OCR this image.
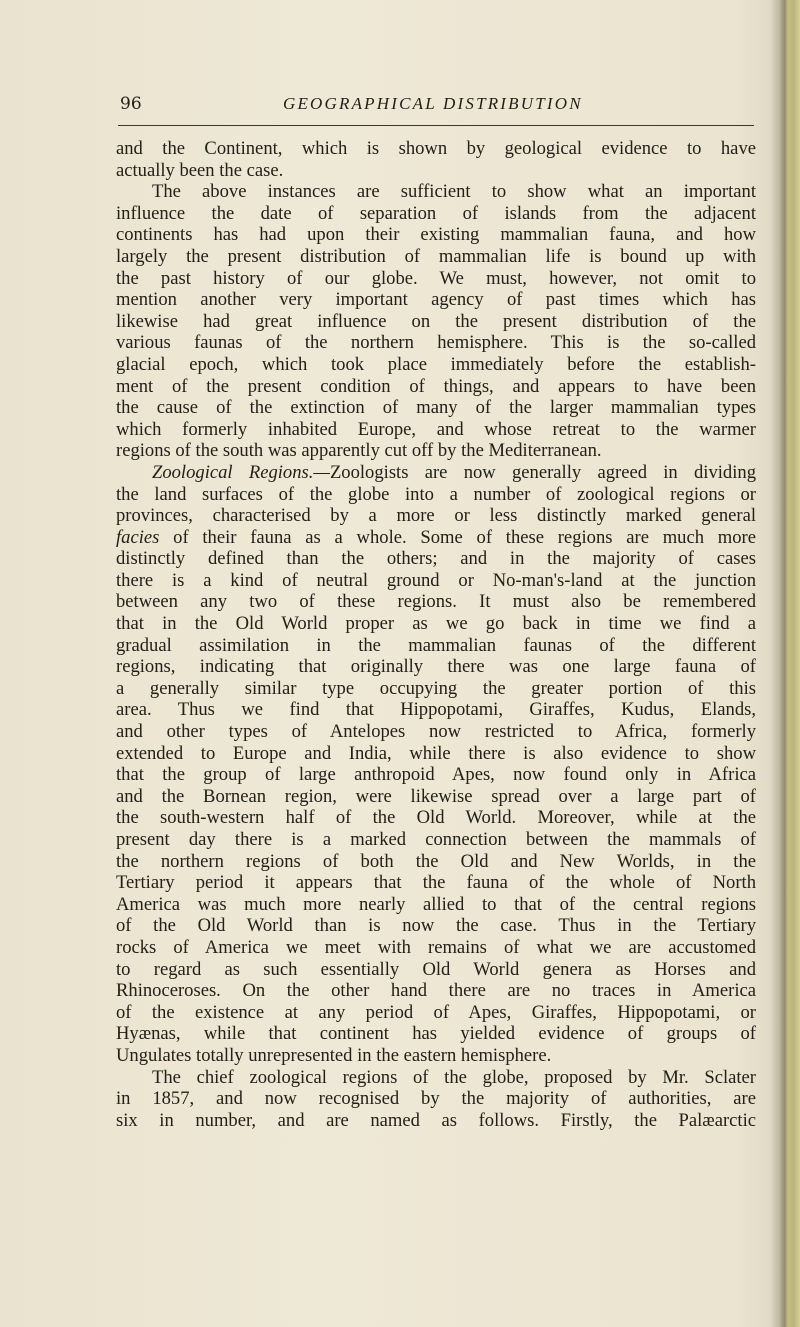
96	GEOGRAPHICAL DISTRIBUTION
and the Continent, which is shown by geological evidence to have
actually been the case.
The above instances are sufficient to show what an important
influence the date of separation of islands from the adjacent
continents has had upon their existing mammalian fauna, and how
largely the present distribution of mammalian life is bound up with
the past history of our globe. We must, however, not omit to
mention another very important agency of past times which has
likewise had great influence on the present distribution of the
various faunas of the northern hemisphere. This is the so-called
glacial epoch, which took place immediately before the establish-
ment of the present condition of things, and appears to have been
the cause of the extinction of many of the larger mammalian types
which formerly inhabited Europe, and whose retreat to the warmer
regions of the south was apparently cut off by the Mediterranean.
Zoological Regions.—Zoologists are now generally agreed in dividing
the land surfaces of the globe into a number of zoological regions or
provinces, characterised by a more or less distinctly marked general
facies of their fauna as a whole. Some of these regions are much more
distinctly defined than the others; and in the majority of cases
there is a kind of neutral ground or No-man's-land at the junction
between any two of these regions. It must also be remembered
that in the Old World proper as we go back in time we find a
gradual assimilation in the mammalian faunas of the different
regions, indicating that originally there was one large fauna of
a generally similar type occupying the greater portion of this
area. Thus we find that Hippopotami, Giraffes, Kudus, Elands,
and other types of Antelopes now restricted to Africa, formerly
extended to Europe and India, while there is also evidence to show
that the group of large anthropoid Apes, now found only in Africa
and the Bornean region, were likewise spread over a large part of
the south-western half of the Old World. Moreover, while at the
present day there is a marked connection between the mammals of
the northern regions of both the Old and New Worlds, in the
Tertiary period it appears that the fauna of the whole of North
America was much more nearly allied to that of the central regions
of the Old World than is now the case. Thus in the Tertiary
rocks of America we meet with remains of what we are accustomed
to regard as such essentially Old World genera as Horses and
Rhinoceroses. On the other hand there are no traces in America
of the existence at any period of Apes, Giraffes, Hippopotami, or
Hyænas, while that continent has yielded evidence of groups of
Ungulates totally unrepresented in the eastern hemisphere.
The chief zoological regions of the globe, proposed by Mr. Sclater
in 1857, and now recognised by the majority of authorities, are
six in number, and are named as follows. Firstly, the Palæarctic
